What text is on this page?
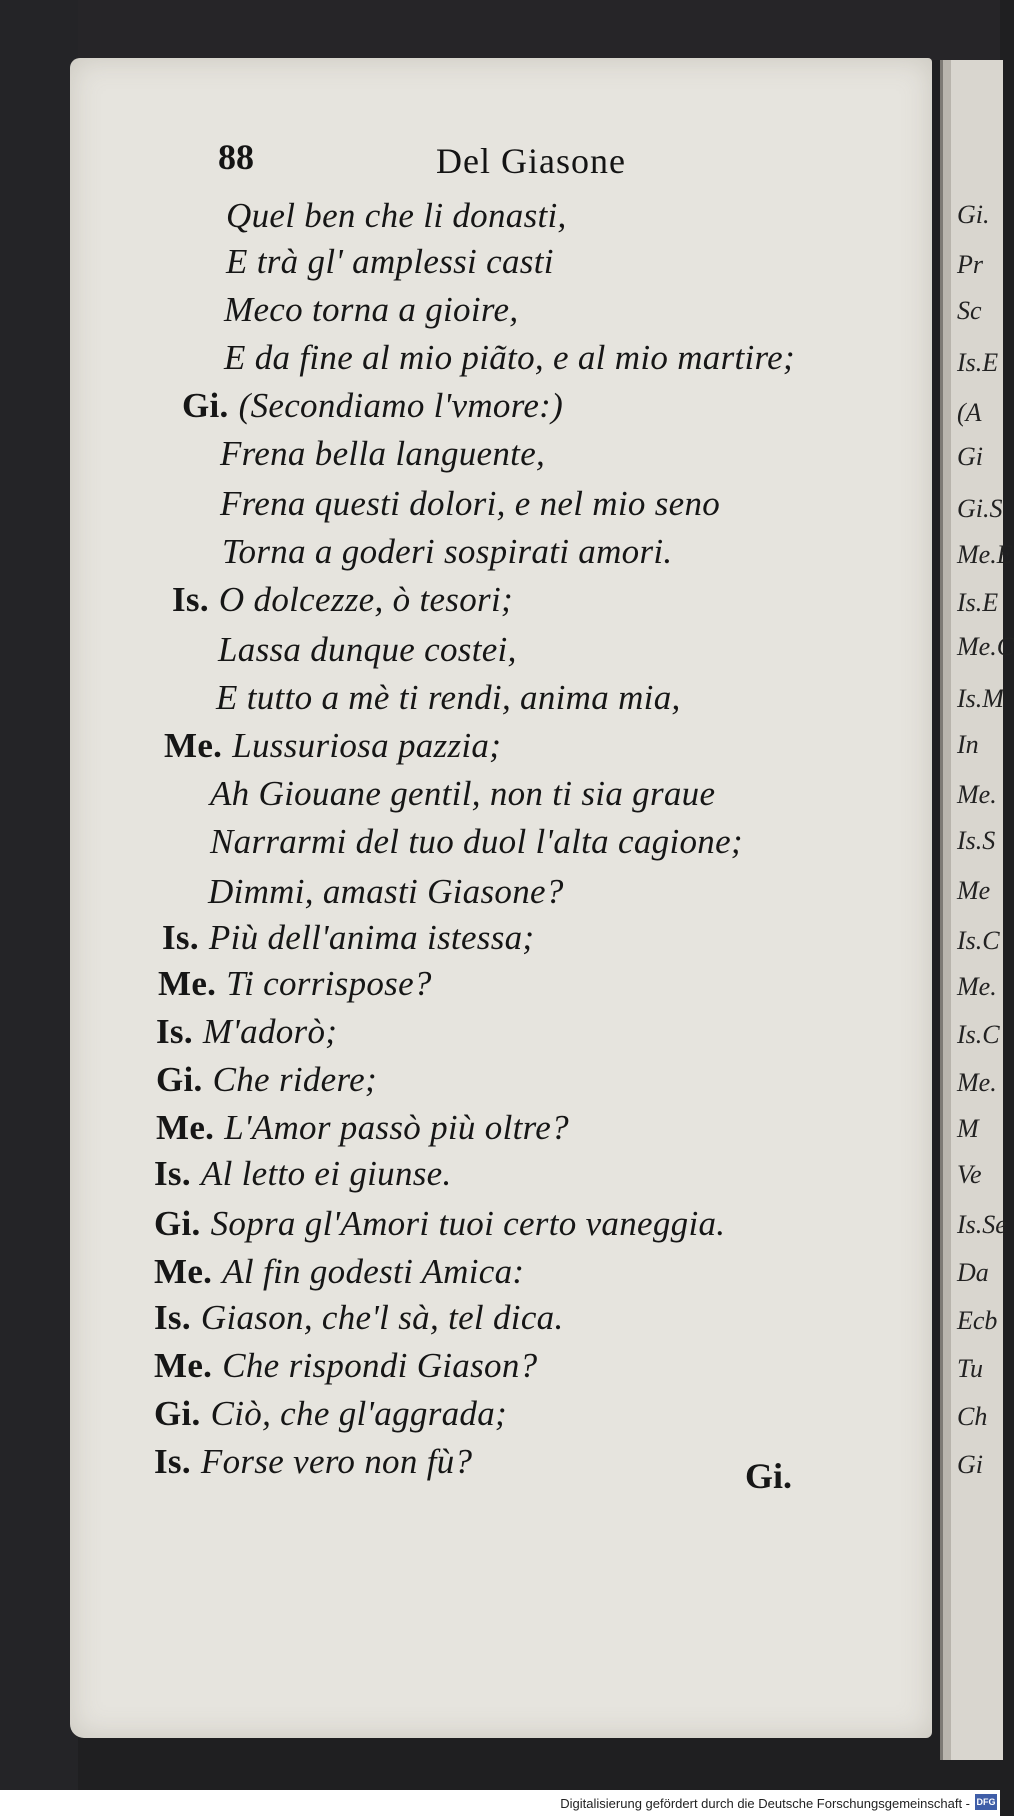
Gi.
Pr
Sc
Is.E
(A
Gi
Gi.S
Me.E
Is.E
Me.C
Is.M
In
Me.
Is.S
Me
Is.C
Me.
Is.C
Me.
M
Ve
Is.Se
Da
Ecb
Tu
Ch
Gi
Digitalisierung gefördert durch die Deutsche Forschungsgemeinschaft - DFG
88	Del Giasone
Quel ben che li donasti,
E trà gl' amplessi casti
Meco torna a gioire,
E da fine al mio piãto, e al mio martire;
Gi. (Secondiamo l'vmore:)
Frena bella languente,
Frena questi dolori, e nel mio seno
Torna a goderi sospirati amori.
Is. O dolcezze, ò tesori;
Lassa dunque costei,
E tutto a mè ti rendi, anima mia,
Me. Lussuriosa pazzia;
Ah Giouane gentil, non ti sia graue
Narrarmi del tuo duol l'alta cagione;
Dimmi, amasti Giasone?
Is. Più dell'anima istessa;
Me. Ti corrispose?
Is. M'adorò;
Gi. Che ridere;
Me. L'Amor passò più oltre?
Is. Al letto ei giunse.
Gi. Sopra gl'Amori tuoi certo vaneggia.
Me. Al fin godesti Amica:
Is. Giason, che'l sà, tel dica.
Me. Che rispondi Giason?
Gi. Ciò, che gl'aggrada;
Is. Forse vero non fù?	Gi.
